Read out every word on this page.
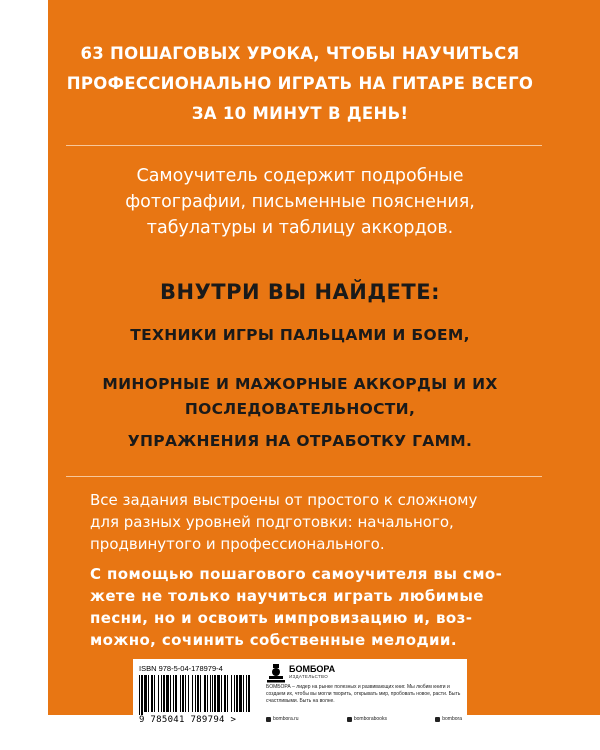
63 ПОШАГОВЫХ УРОКА, ЧТОБЫ НАУЧИТЬСЯ
ПРОФЕССИОНАЛЬНО ИГРАТЬ НА ГИТАРЕ ВСЕГО
ЗА 10 МИНУТ В ДЕНЬ!

Самоучитель содержит подробные
фотографии, письменные пояснения,
табулатуры и таблицу аккордов.

ВНУТРИ ВЫ НАЙДЕТЕ:

ТЕХНИКИ ИГРЫ ПАЛЬЦАМИ И БОЕМ,

МИНОРНЫЕ И МАЖОРНЫЕ АККОРДЫ И ИХ
ПОСЛЕДОВАТЕЛЬНОСТИ,

УПРАЖНЕНИЯ НА ОТРАБОТКУ ГАММ.

Все задания выстроены от простого к сложному
для разных уровней подготовки: начального,
продвинутого и профессионального.

С помощью пошагового самоучителя вы смо-
жете не только научиться играть любимые
песни, но и освоить импровизацию и, воз-
можно, сочинить собственные мелодии.

ISBN 978-5-04-178979-4

9 785041 789794 >

БОМБОРА

ИЗДАТЕЛЬСТВО

БОМБОРА – лидер на рынке полезных и развивающих книг. Мы любим книги и создаем их, чтобы вы могли творить, открывать мир, пробовать новое, расти. Быть счастливыми. Быть на волне.

bombora.ru	bomborabooks	bombora
